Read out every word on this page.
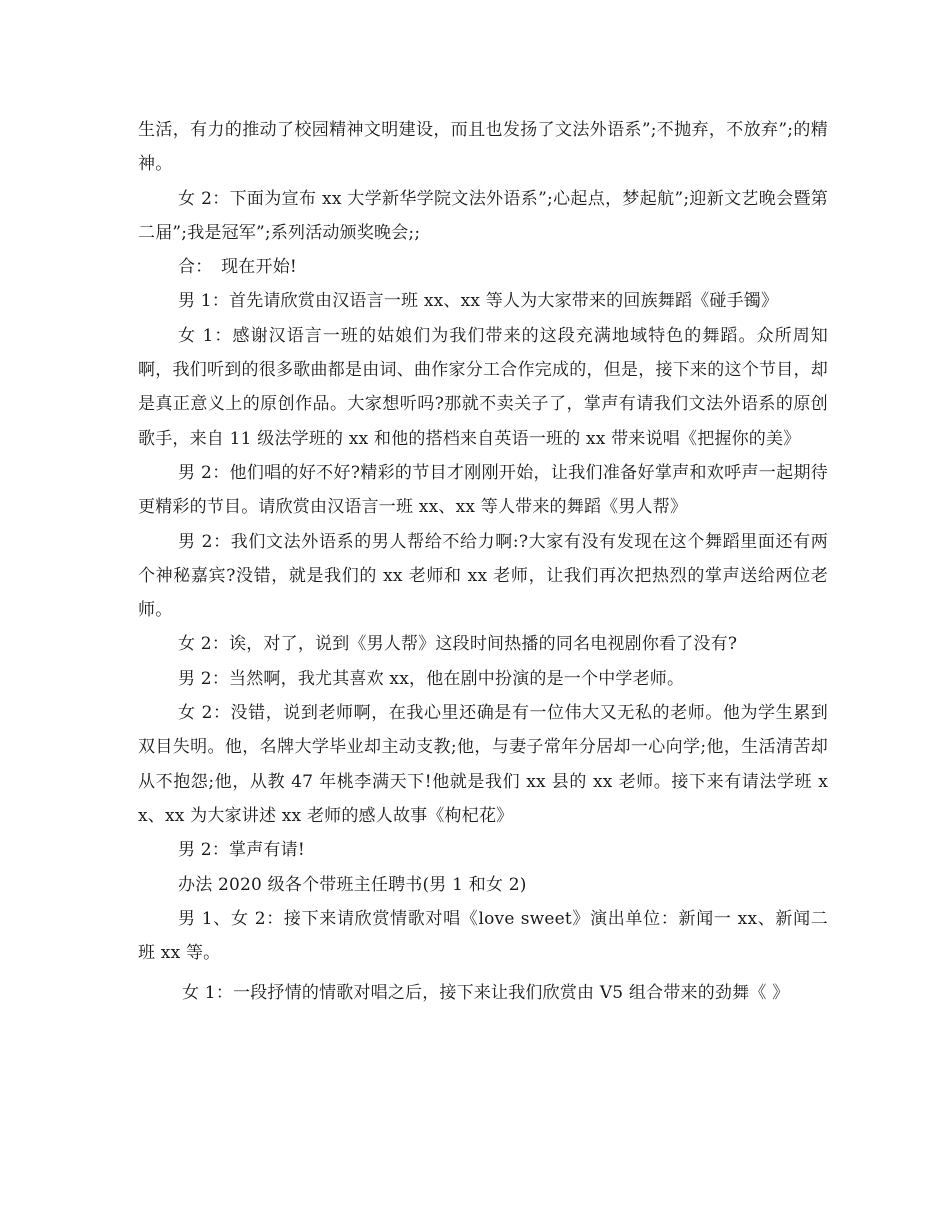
生活，有力的推动了校园精神文明建设，而且也发扬了文法外语系”;不抛弃，不放弃”;的精神。

女 2：下面为宣布 xx 大学新华学院文法外语系”;心起点，梦起航”;迎新文艺晚会暨第二届”;我是冠军”;系列活动颁奖晚会;;

合：　现在开始!

男 1：首先请欣赏由汉语言一班 xx、xx 等人为大家带来的回族舞蹈《碰手镯》

女 1：感谢汉语言一班的姑娘们为我们带来的这段充满地域特色的舞蹈。众所周知啊，我们听到的很多歌曲都是由词、曲作家分工合作完成的，但是，接下来的这个节目，却是真正意义上的原创作品。大家想听吗?那就不卖关子了，掌声有请我们文法外语系的原创歌手，来自 11 级法学班的 xx 和他的搭档来自英语一班的 xx 带来说唱《把握你的美》

男 2：他们唱的好不好?精彩的节目才刚刚开始，让我们准备好掌声和欢呼声一起期待更精彩的节目。请欣赏由汉语言一班 xx、xx 等人带来的舞蹈《男人帮》

男 2：我们文法外语系的男人帮给不给力啊:?大家有没有发现在这个舞蹈里面还有两个神秘嘉宾?没错，就是我们的 xx 老师和 xx 老师，让我们再次把热烈的掌声送给两位老师。

女 2：诶，对了，说到《男人帮》这段时间热播的同名电视剧你看了没有?

男 2：当然啊，我尤其喜欢 xx，他在剧中扮演的是一个中学老师。

女 2：没错，说到老师啊，在我心里还确是有一位伟大又无私的老师。他为学生累到双目失明。他，名牌大学毕业却主动支教;他，与妻子常年分居却一心向学;他，生活清苦却从不抱怨;他，从教 47 年桃李满天下!他就是我们 xx 县的 xx 老师。接下来有请法学班 xx、xx 为大家讲述 xx 老师的感人故事《枸杞花》

男 2：掌声有请!

办法 2020 级各个带班主任聘书(男 1 和女 2)

男 1、女 2：接下来请欣赏情歌对唱《love sweet》演出单位：新闻一 xx、新闻二班 xx 等。

女 1：一段抒情的情歌对唱之后，接下来让我们欣赏由 V5 组合带来的劲舞《 》
